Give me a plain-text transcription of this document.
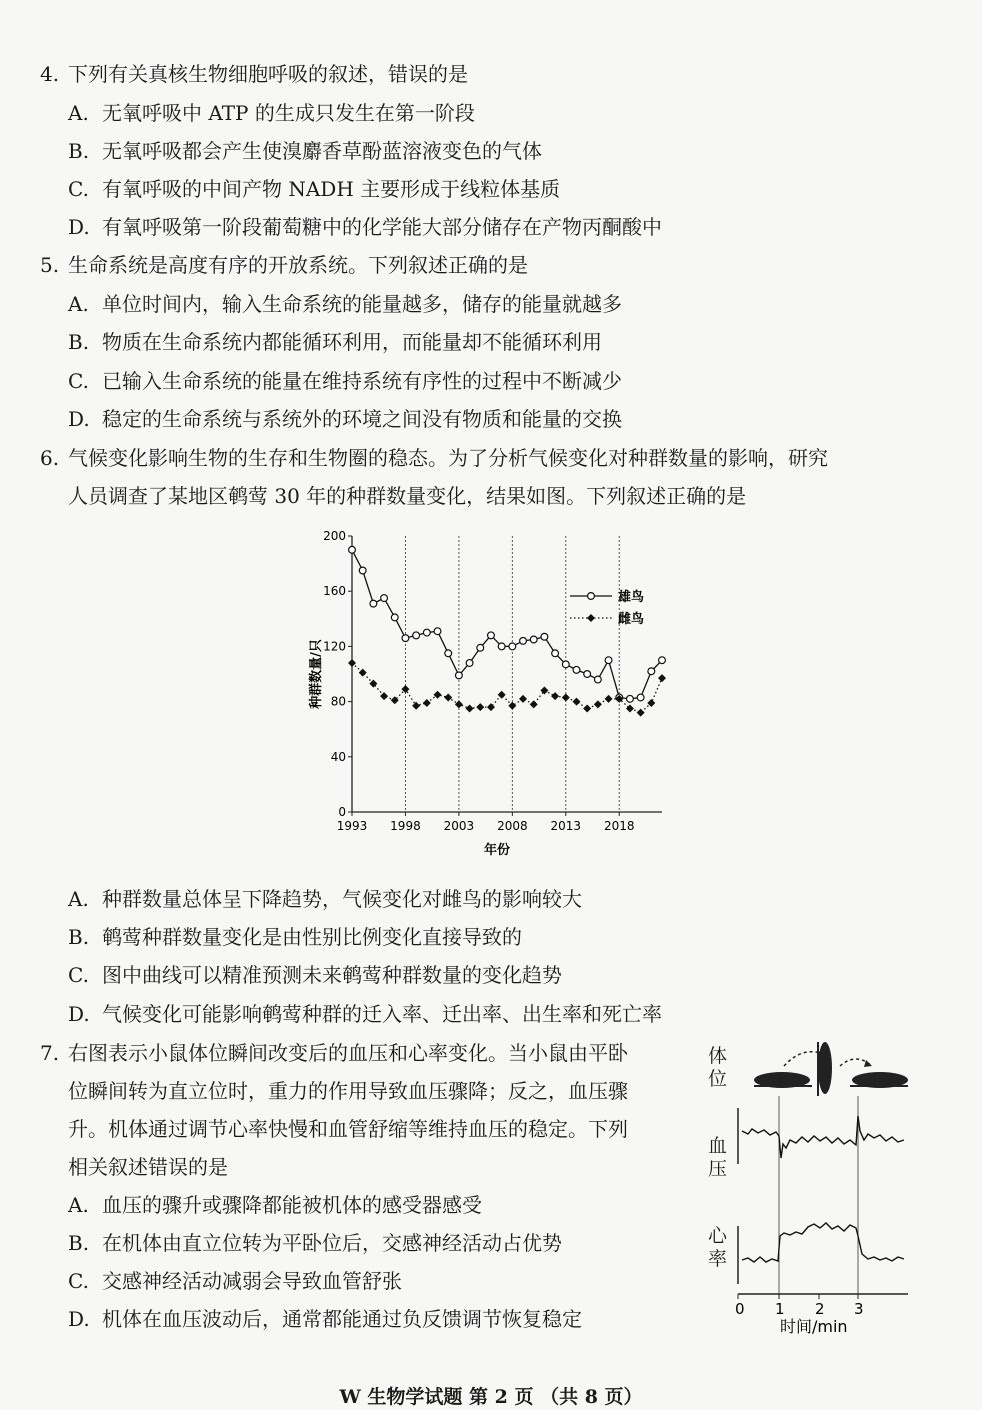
4. 下列有关真核生物细胞呼吸的叙述，错误的是
A. 无氧呼吸中 ATP 的生成只发生在第一阶段
B. 无氧呼吸都会产生使溴麝香草酚蓝溶液变色的气体
C. 有氧呼吸的中间产物 NADH 主要形成于线粒体基质
D. 有氧呼吸第一阶段葡萄糖中的化学能大部分储存在产物丙酮酸中
5. 生命系统是高度有序的开放系统。下列叙述正确的是
A. 单位时间内，输入生命系统的能量越多，储存的能量就越多
B. 物质在生命系统内都能循环利用，而能量却不能循环利用
C. 已输入生命系统的能量在维持系统有序性的过程中不断减少
D. 稳定的生命系统与系统外的环境之间没有物质和能量的交换
6. 气候变化影响生物的生存和生物圈的稳态。为了分析气候变化对种群数量的影响，研究
人员调查了某地区鹌莺 30 年的种群数量变化，结果如图。下列叙述正确的是
0
40
80
120
160
200
1993 1998 2003 2008 2013 2018
年份
种群数量/只
雄鸟
雌鸟
A. 种群数量总体呈下降趋势，气候变化对雌鸟的影响较大
B. 鹌莺种群数量变化是由性别比例变化直接导致的
C. 图中曲线可以精准预测未来鹌莺种群数量的变化趋势
D. 气候变化可能影响鹌莺种群的迁入率、迁出率、出生率和死亡率
7. 右图表示小鼠体位瞬间改变后的血压和心率变化。当小鼠由平卧
位瞬间转为直立位时，重力的作用导致血压骤降；反之，血压骤
升。机体通过调节心率快慢和血管舒缩等维持血压的稳定。下列
相关叙述错误的是
A. 血压的骤升或骤降都能被机体的感受器感受
B. 在机体由直立位转为平卧位后，交感神经活动占优势
C. 交感神经活动减弱会导致血管舒张
D. 机体在血压波动后，通常都能通过负反馈调节恢复稳定
体位
血压
心率
0 1 2 3
时间/min
W 生物学试题 第 2 页 （共 8 页）
